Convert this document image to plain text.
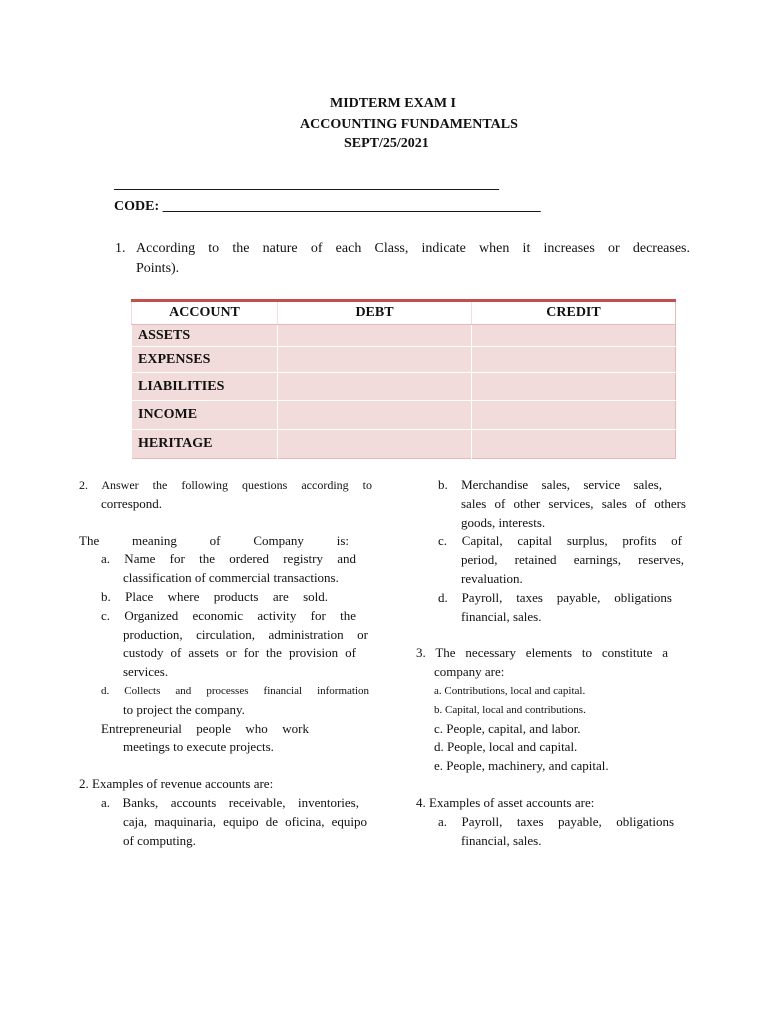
MIDTERM EXAM I
ACCOUNTING FUNDAMENTALS
SEPT/25/2021
_______________________________________________________
CODE: ______________________________________________________
1. According to the nature of each Class, indicate when it increases or decreases.
Points).
ACCOUNT	DEBT	CREDIT
ASSETS		
EXPENSES		
LIABILITIES		
INCOME		
HERITAGE		
2. Answer the following questions according to
correspond.
The meaning of Company is:
a. Name for the ordered registry and
classification of commercial transactions.
b. Place where products are sold.
c. Organized economic activity for the
production, circulation, administration or
custody of assets or for the provision of
services.
d. Collects and processes financial information
to project the company.
Entrepreneurial people who work
meetings to execute projects.
2. Examples of revenue accounts are:
a. Banks, accounts receivable, inventories,
caja, maquinaria, equipo de oficina, equipo
of computing.
b. Merchandise sales, service sales,
sales of other services, sales of others
goods, interests.
c. Capital, capital surplus, profits of
period, retained earnings, reserves,
revaluation.
d. Payroll, taxes payable, obligations
financial, sales.
3. The necessary elements to constitute a
company are:
a. Contributions, local and capital.
b. Capital, local and contributions.
c. People, capital, and labor.
d. People, local and capital.
e. People, machinery, and capital.
4. Examples of asset accounts are:
a. Payroll, taxes payable, obligations
financial, sales.
